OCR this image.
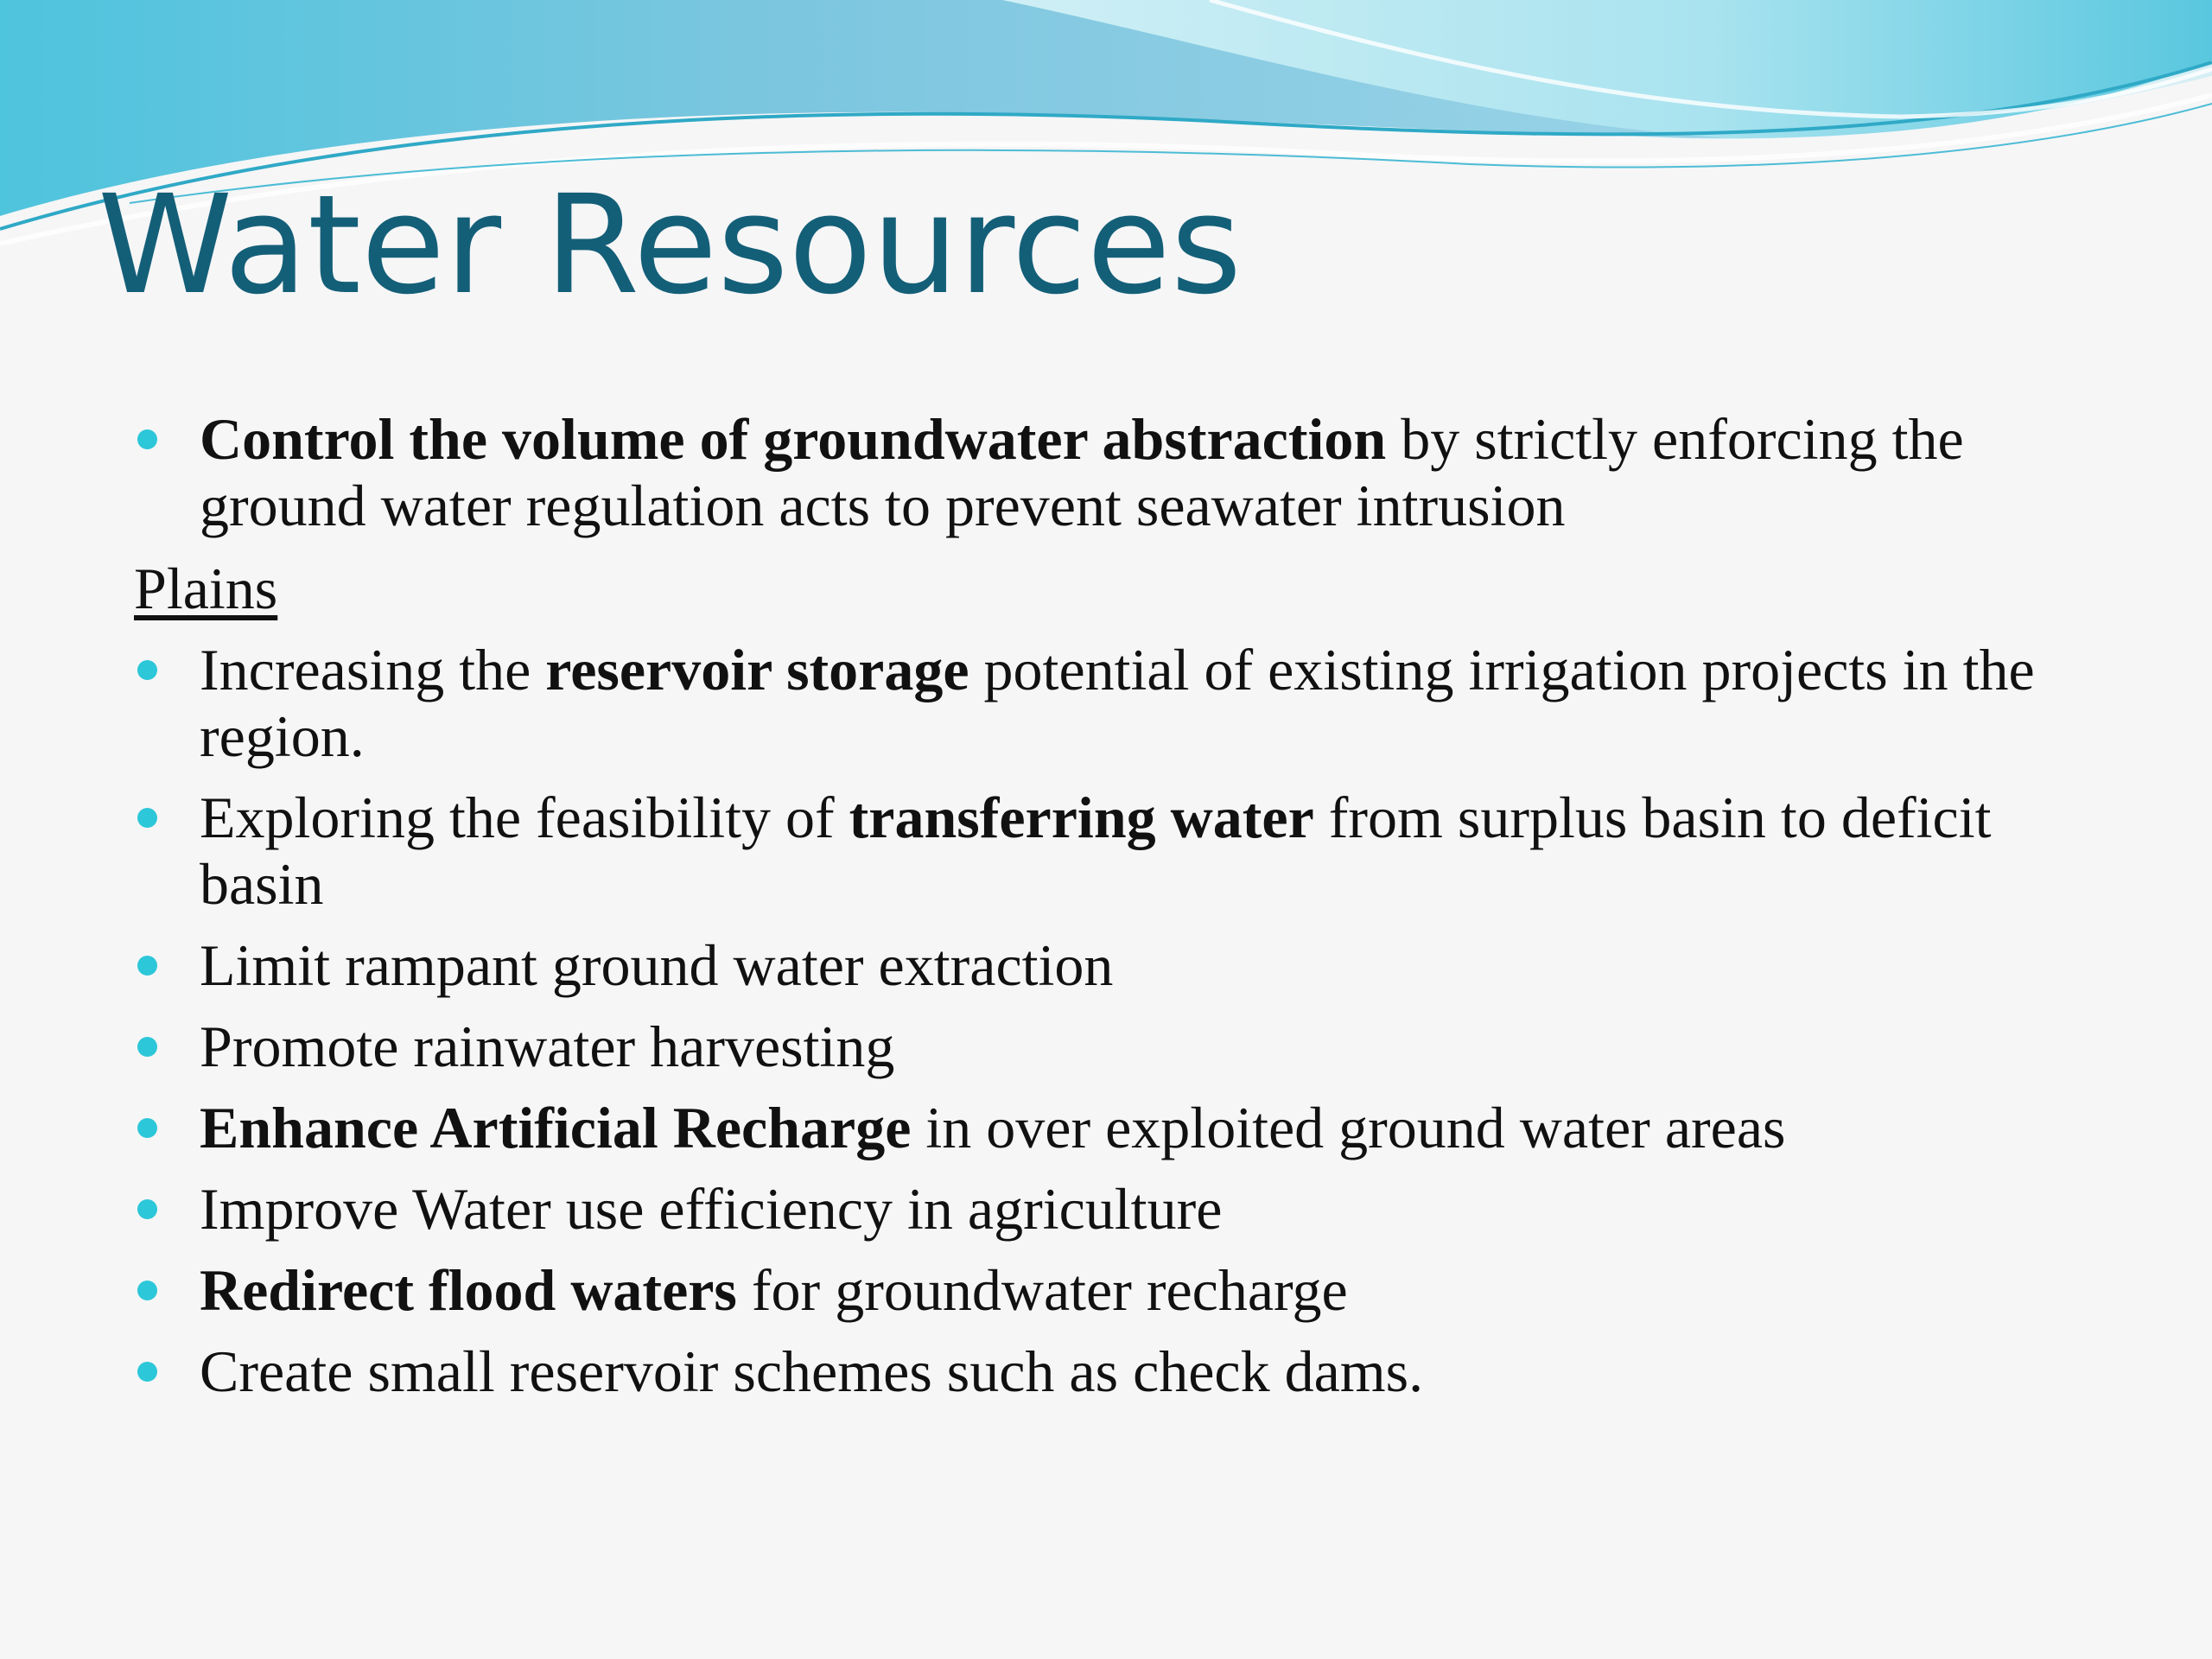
Water Resources
Control the volume of groundwater abstraction by strictly enforcing the ground water regulation acts to prevent seawater intrusion
Plains
Increasing the reservoir storage potential of existing irrigation projects in the region.
Exploring the feasibility of transferring water from surplus basin to deficit basin
Limit rampant ground water extraction
Promote rainwater harvesting
Enhance Artificial Recharge in over exploited ground water areas
Improve Water use efficiency in agriculture
Redirect flood waters for groundwater recharge
Create small reservoir schemes such as check dams.
